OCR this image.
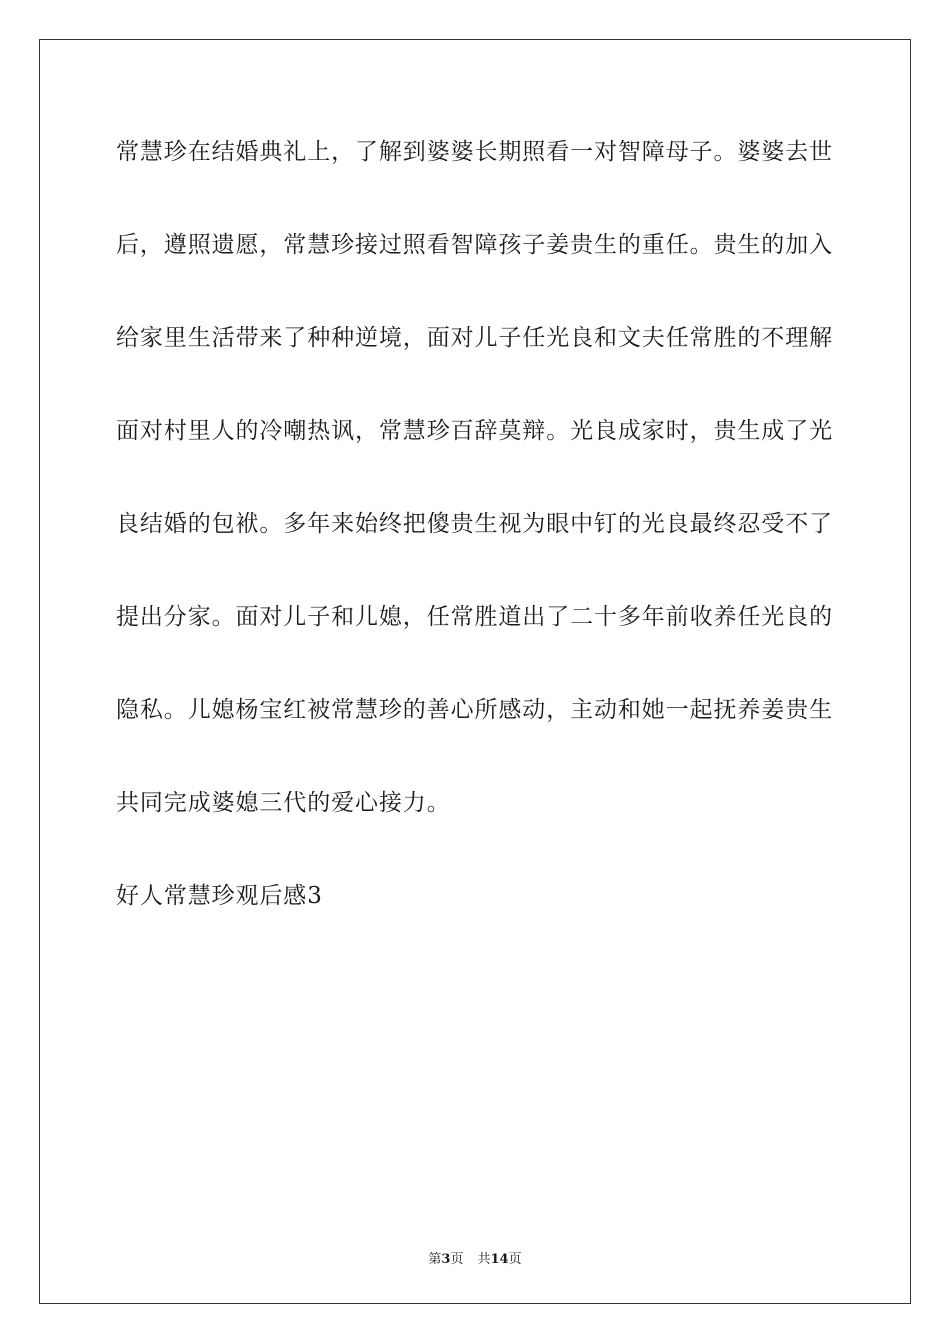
常慧珍在结婚典礼上，了解到婆婆长期照看一对智障母子。婆婆去世
后，遵照遗愿，常慧珍接过照看智障孩子姜贵生的重任。贵生的加入
给家里生活带来了种种逆境，面对儿子任光良和文夫任常胜的不理解
面对村里人的冷嘲热讽，常慧珍百辞莫辩。光良成家时，贵生成了光
良结婚的包袱。多年来始终把傻贵生视为眼中钉的光良最终忍受不了
提出分家。面对儿子和儿媳，任常胜道出了二十多年前收养任光良的
隐私。儿媳杨宝红被常慧珍的善心所感动，主动和她一起抚养姜贵生
共同完成婆媳三代的爱心接力。
好人常慧珍观后感3
第3页 共14页
